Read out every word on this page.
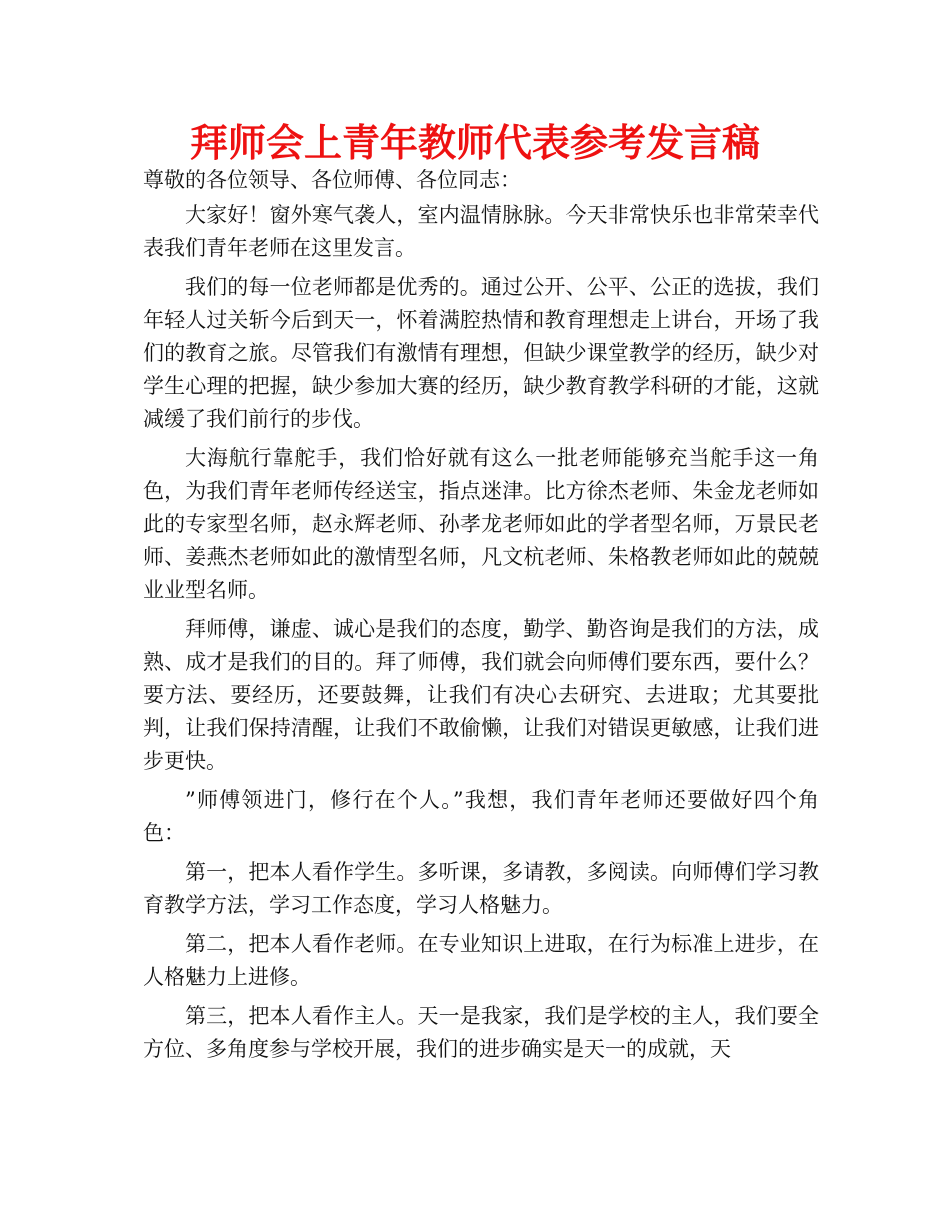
拜师会上青年教师代表参考发言稿

尊敬的各位领导、各位师傅、各位同志：

大家好！窗外寒气袭人，室内温情脉脉。今天非常快乐也非常荣幸代表我们青年老师在这里发言。

我们的每一位老师都是优秀的。通过公开、公平、公正的选拔，我们年轻人过关斩今后到天一，怀着满腔热情和教育理想走上讲台，开场了我们的教育之旅。尽管我们有激情有理想，但缺少课堂教学的经历，缺少对学生心理的把握，缺少参加大赛的经历，缺少教育教学科研的才能，这就减缓了我们前行的步伐。

大海航行靠舵手，我们恰好就有这么一批老师能够充当舵手这一角色，为我们青年老师传经送宝，指点迷津。比方徐杰老师、朱金龙老师如此的专家型名师，赵永辉老师、孙孝龙老师如此的学者型名师，万景民老师、姜燕杰老师如此的激情型名师，凡文杭老师、朱格教老师如此的兢兢业业型名师。

拜师傅，谦虚、诚心是我们的态度，勤学、勤咨询是我们的方法，成熟、成才是我们的目的。拜了师傅，我们就会向师傅们要东西，要什么？要方法、要经历，还要鼓舞，让我们有决心去研究、去进取；尤其要批判，让我们保持清醒，让我们不敢偷懒，让我们对错误更敏感，让我们进步更快。

”师傅领进门，修行在个人。”我想，我们青年老师还要做好四个角色：

第一，把本人看作学生。多听课，多请教，多阅读。向师傅们学习教育教学方法，学习工作态度，学习人格魅力。

第二，把本人看作老师。在专业知识上进取，在行为标准上进步，在人格魅力上进修。

第三，把本人看作主人。天一是我家，我们是学校的主人，我们要全方位、多角度参与学校开展，我们的进步确实是天一的成就，天
